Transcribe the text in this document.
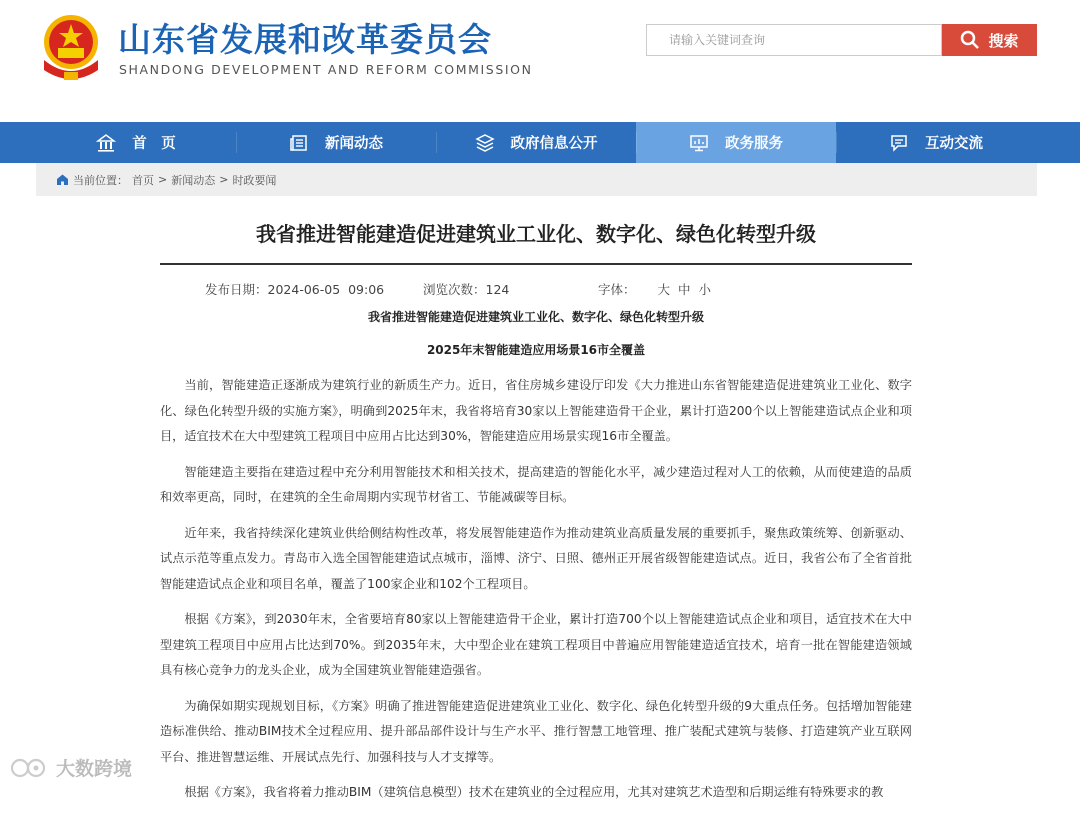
山东省发展和改革委员会
SHANDONG DEVELOPMENT AND REFORM COMMISSION
请输入关键词查询	搜索
首　页	新闻动态	政府信息公开	政务服务	互动交流
当前位置： 首页 > 新闻动态 > 时政要闻
我省推进智能建造促进建筑业工业化、数字化、绿色化转型升级
发布日期：2024-06-05  09:06	浏览次数：124	字体： 大 中 小
我省推进智能建造促进建筑业工业化、数字化、绿色化转型升级
2025年末智能建造应用场景16市全覆盖

当前，智能建造正逐渐成为建筑行业的新质生产力。近日，省住房城乡建设厅印发《大力推进山东省智能建造促进建筑业工业化、数字化、绿色化转型升级的实施方案》，明确到2025年末，我省将培育30家以上智能建造骨干企业，累计打造200个以上智能建造试点企业和项目，适宜技术在大中型建筑工程项目中应用占比达到30%，智能建造应用场景实现16市全覆盖。

智能建造主要指在建造过程中充分利用智能技术和相关技术，提高建造的智能化水平，减少建造过程对人工的依赖，从而使建造的品质和效率更高，同时，在建筑的全生命周期内实现节材省工、节能减碳等目标。

近年来，我省持续深化建筑业供给侧结构性改革，将发展智能建造作为推动建筑业高质量发展的重要抓手，聚焦政策统筹、创新驱动、试点示范等重点发力。青岛市入选全国智能建造试点城市，淄博、济宁、日照、德州正开展省级智能建造试点。近日，我省公布了全省首批智能建造试点企业和项目名单，覆盖了100家企业和102个工程项目。

根据《方案》，到2030年末，全省要培育80家以上智能建造骨干企业，累计打造700个以上智能建造试点企业和项目，适宜技术在大中型建筑工程项目中应用占比达到70%。到2035年末，大中型企业在建筑工程项目中普遍应用智能建造适宜技术，培育一批在智能建造领域具有核心竞争力的龙头企业，成为全国建筑业智能建造强省。

为确保如期实现规划目标，《方案》明确了推进智能建造促进建筑业工业化、数字化、绿色化转型升级的9大重点任务。包括增加智能建造标准供给、推动BIM技术全过程应用、提升部品部件设计与生产水平、推行智慧工地管理、推广装配式建筑与装修、打造建筑产业互联网平台、推进智慧运维、开展试点先行、加强科技与人才支撑等。

根据《方案》，我省将着力推动BIM（建筑信息模型）技术在建筑业的全过程应用，尤其对建筑艺术造型和后期运维有特殊要求的教

大数跨境
